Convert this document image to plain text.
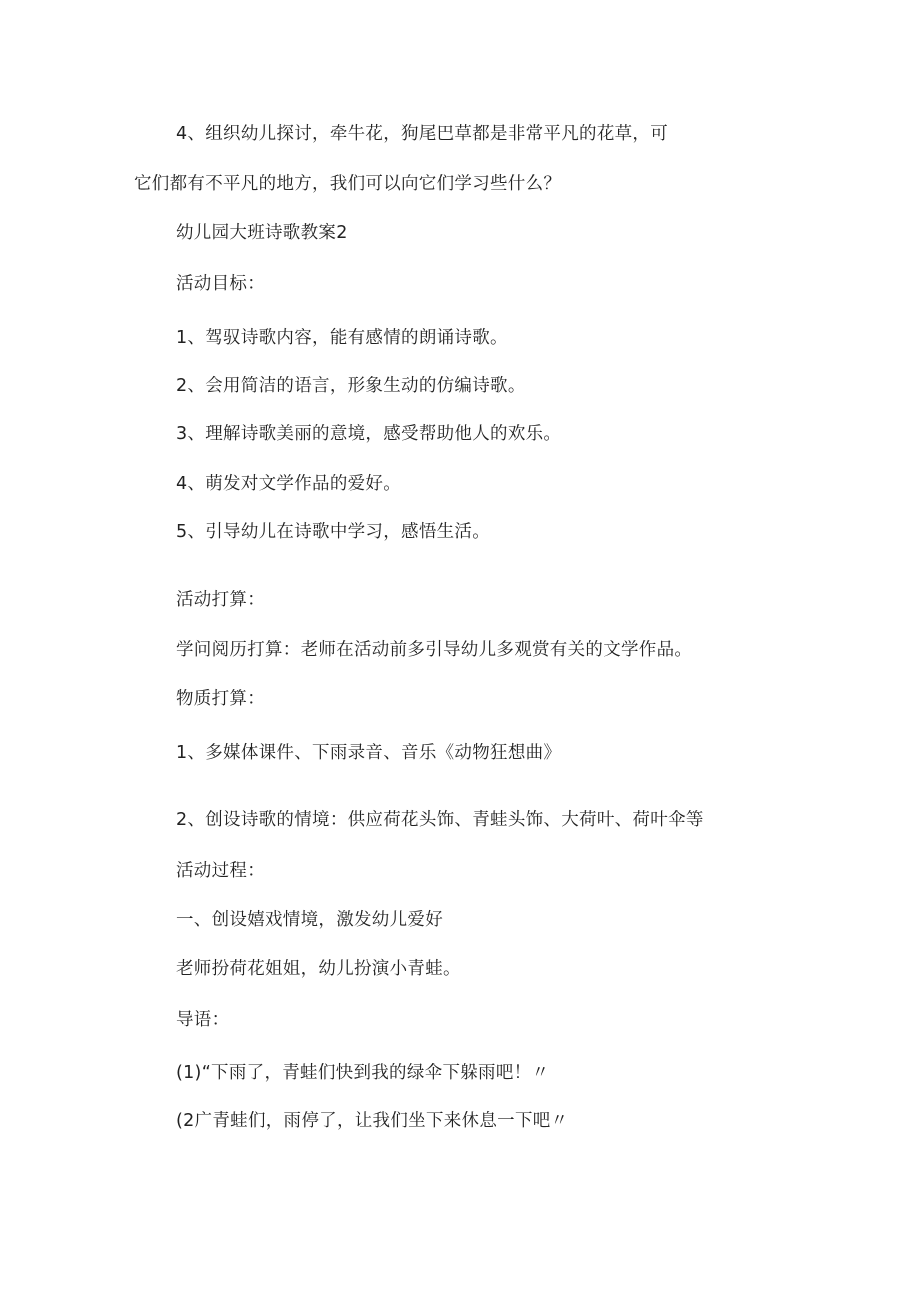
4、组织幼儿探讨，牵牛花，狗尾巴草都是非常平凡的花草，可
它们都有不平凡的地方，我们可以向它们学习些什么？
幼儿园大班诗歌教案2
活动目标：
1、驾驭诗歌内容，能有感情的朗诵诗歌。
2、会用简洁的语言，形象生动的仿编诗歌。
3、理解诗歌美丽的意境，感受帮助他人的欢乐。
4、萌发对文学作品的爱好。
5、引导幼儿在诗歌中学习，感悟生活。
活动打算：
学问阅历打算：老师在活动前多引导幼儿多观赏有关的文学作品。
物质打算：
1、多媒体课件、下雨录音、音乐《动物狂想曲》
2、创设诗歌的情境：供应荷花头饰、青蛙头饰、大荷叶、荷叶伞等
活动过程：
一、创设嬉戏情境，激发幼儿爱好
老师扮荷花姐姐，幼儿扮演小青蛙。
导语：
(1)“下雨了，青蛙们快到我的绿伞下躲雨吧！〃
(2广青蛙们，雨停了，让我们坐下来休息一下吧〃
